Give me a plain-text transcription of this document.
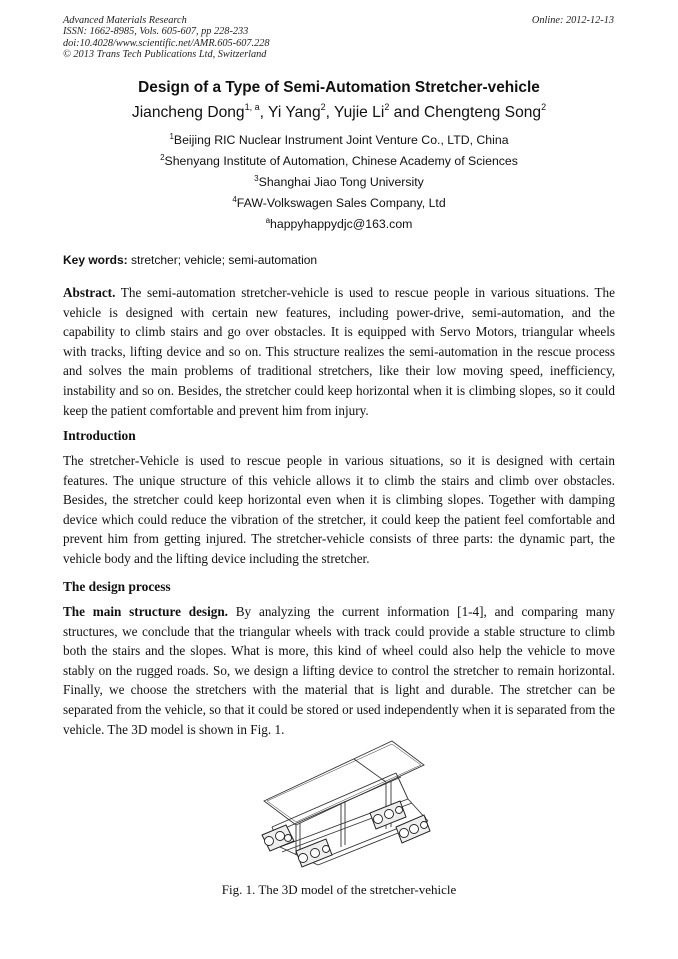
Advanced Materials Research
ISSN: 1662-8985, Vols. 605-607, pp 228-233
doi:10.4028/www.scientific.net/AMR.605-607.228
© 2013 Trans Tech Publications Ltd, Switzerland
Online: 2012-12-13
Design of a Type of Semi-Automation Stretcher-vehicle
Jiancheng Dong$^{1, a}$, Yi Yang$^2$, Yujie Li$^2$ and Chengteng Song$^2$
$^1$Beijing RIC Nuclear Instrument Joint Venture Co., LTD, China
$^2$Shenyang Institute of Automation, Chinese Academy of Sciences
$^3$Shanghai Jiao Tong University
$^4$FAW-Volkswagen Sales Company, Ltd
$^a$happyhappydjc@163.com
Key words: stretcher; vehicle; semi-automation

Abstract. The semi-automation stretcher-vehicle is used to rescue people in various situations. The vehicle is designed with certain new features, including power-drive, semi-automation, and the capability to climb stairs and go over obstacles. It is equipped with Servo Motors, triangular wheels with tracks, lifting device and so on. This structure realizes the semi-automation in the rescue process and solves the main problems of traditional stretchers, like their low moving speed, inefficiency, instability and so on. Besides, the stretcher could keep horizontal when it is climbing slopes, so it could keep the patient comfortable and prevent him from injury.

Introduction

The stretcher-Vehicle is used to rescue people in various situations, so it is designed with certain features. The unique structure of this vehicle allows it to climb the stairs and climb over obstacles. Besides, the stretcher could keep horizontal even when it is climbing slopes. Together with damping device which could reduce the vibration of the stretcher, it could keep the patient feel comfortable and prevent him from getting injured. The stretcher-vehicle consists of three parts: the dynamic part, the vehicle body and the lifting device including the stretcher.

The design process

The main structure design. By analyzing the current information [1-4], and comparing many structures, we conclude that the triangular wheels with track could provide a stable structure to climb both the stairs and the slopes. What is more, this kind of wheel could also help the vehicle to move stably on the rugged roads. So, we design a lifting device to control the stretcher to remain horizontal. Finally, we choose the stretchers with the material that is light and durable. The stretcher can be separated from the vehicle, so that it could be stored or used independently when it is separated from the vehicle. The 3D model is shown in Fig. 1.

Fig. 1. The 3D model of the stretcher-vehicle
